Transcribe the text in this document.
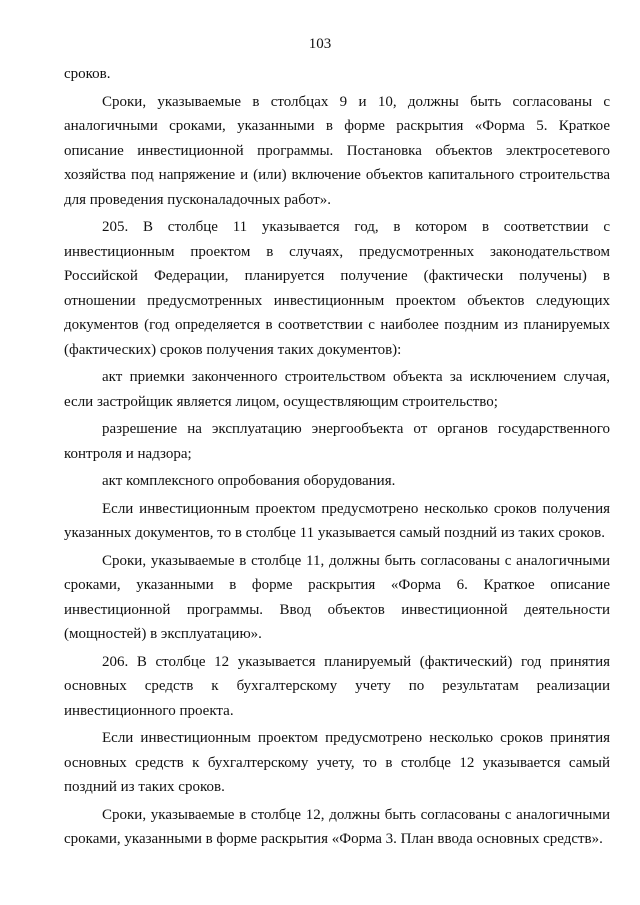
103

сроков.

Сроки, указываемые в столбцах 9 и 10, должны быть согласованы с аналогичными сроками, указанными в форме раскрытия «Форма 5. Краткое описание инвестиционной программы. Постановка объектов электросетевого хозяйства под напряжение и (или) включение объектов капитального строительства для проведения пусконаладочных работ».

205. В столбце 11 указывается год, в котором в соответствии с инвестиционным проектом в случаях, предусмотренных законодательством Российской Федерации, планируется получение (фактически получены) в отношении предусмотренных инвестиционным проектом объектов следующих документов (год определяется в соответствии с наиболее поздним из планируемых (фактических) сроков получения таких документов):

акт приемки законченного строительством объекта за исключением случая, если застройщик является лицом, осуществляющим строительство;

разрешение на эксплуатацию энергообъекта от органов государственного контроля и надзора;

акт комплексного опробования оборудования.

Если инвестиционным проектом предусмотрено несколько сроков получения указанных документов, то в столбце 11 указывается самый поздний из таких сроков.

Сроки, указываемые в столбце 11, должны быть согласованы с аналогичными сроками, указанными в форме раскрытия «Форма 6. Краткое описание инвестиционной программы. Ввод объектов инвестиционной деятельности (мощностей) в эксплуатацию».

206. В столбце 12 указывается планируемый (фактический) год принятия основных средств к бухгалтерскому учету по результатам реализации инвестиционного проекта.

Если инвестиционным проектом предусмотрено несколько сроков принятия основных средств к бухгалтерскому учету, то в столбце 12 указывается самый поздний из таких сроков.

Сроки, указываемые в столбце 12, должны быть согласованы с аналогичными сроками, указанными в форме раскрытия «Форма 3. План ввода основных средств».
